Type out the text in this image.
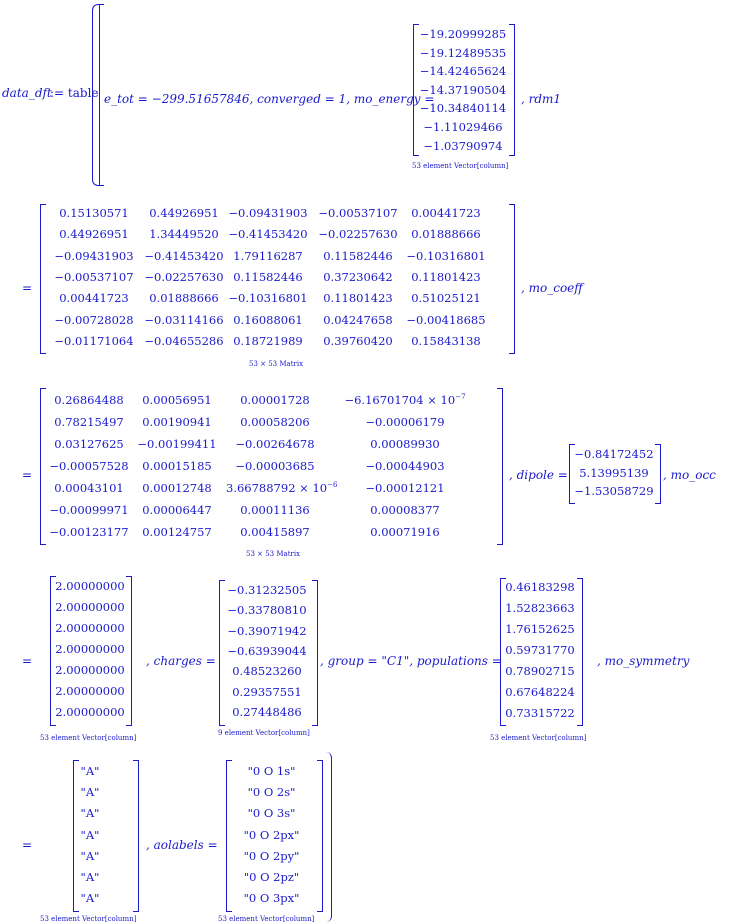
data_dft
:= table e_tot = −299.51657846, converged = 1, mo_energy =
−19.20999285
−19.12489535
−14.42465624
−14.37190504
−10.34840114
−1.11029466
−1.03790974
53 element Vector[column]
, rdm1
=
0.15130571	0.44926951 −0.09431903 −0.00537107	0.00441723
0.44926951	1.34449520 −0.41453420 −0.02257630	0.01888666
−0.09431903 −0.41453420 1.79116287	0.11582446	−0.10316801
−0.00537107 −0.02257630 0.11582446	0.37230642	0.11801423
0.00441723	0.01888666 −0.10316801	0.11801423	0.51025121
−0.00728028 −0.03114166 0.16088061	0.04247658	−0.00418685
−0.01171064 −0.04655286 0.18721989	0.39760420	0.15843138
53 × 53 Matrix
, mo_coeff
=
0.26864488	0.00056951	0.00001728	$-6.16701704 \times 10^{-7}$
0.78215497	0.00190941	0.00058206	−0.00006179
0.03127625	−0.00199411	−0.00264678	0.00089930
−0.00057528	0.00015185	−0.00003685	−0.00044903
0.00043101	0.00012748	$3.66788792 \times 10^{-6}$	−0.00012121
−0.00099971	0.00006447	0.00011136	0.00008377
−0.00123177	0.00124757	0.00415897	0.00071916
53 × 53 Matrix
, dipole =
−0.84172452
5.13995139
−1.53058729
, mo_occ
=
2.00000000
2.00000000
2.00000000
2.00000000
2.00000000
2.00000000
2.00000000
53 element Vector[column]
, charges =
−0.31232505
−0.33780810
−0.39071942
−0.63939044
0.48523260
0.29357551
0.27448486
9 element Vector[column]
, group = "C1", populations =
0.46183298
1.52823663
1.76152625
0.59731770
0.78902715
0.67648224
0.73315722
53 element Vector[column]
, mo_symmetry
=
"A"
"A"
"A"
"A"
"A"
"A"
"A"
53 element Vector[column]
, aolabels =
"0 O 1s"
"0 O 2s"
"0 O 3s"
"0 O 2px"
"0 O 2py"
"0 O 2pz"
"0 O 3px"
53 element Vector[column]
